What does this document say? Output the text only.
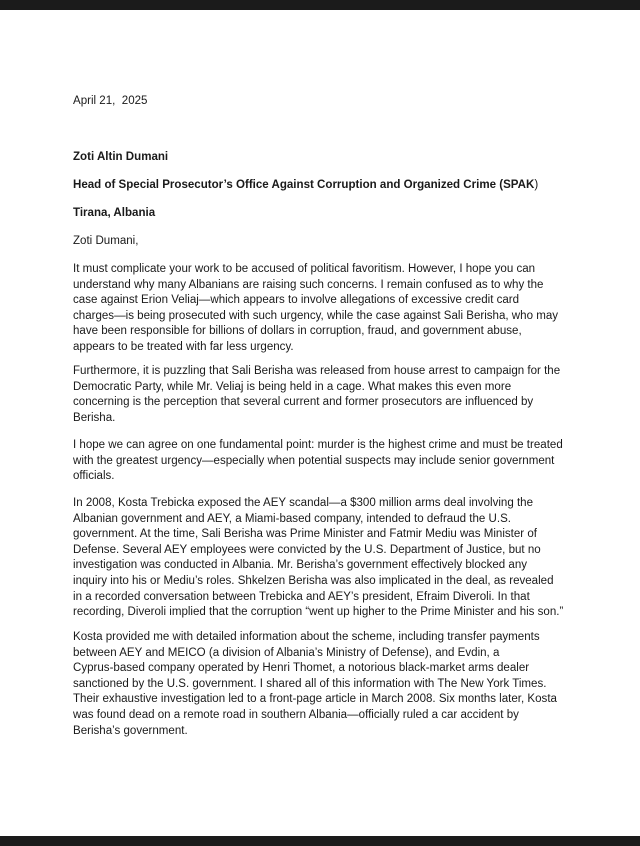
April 21,  2025

Zoti Altin Dumani

Head of Special Prosecutor’s Office Against Corruption and Organized Crime (SPAK)

Tirana, Albania

Zoti Dumani,

It must complicate your work to be accused of political favoritism. However, I hope you can
understand why many Albanians are raising such concerns. I remain confused as to why the
case against Erion Veliaj—which appears to involve allegations of excessive credit card
charges—is being prosecuted with such urgency, while the case against Sali Berisha, who may
have been responsible for billions of dollars in corruption, fraud, and government abuse,
appears to be treated with far less urgency.
Furthermore, it is puzzling that Sali Berisha was released from house arrest to campaign for the
Democratic Party, while Mr. Veliaj is being held in a cage. What makes this even more
concerning is the perception that several current and former prosecutors are influenced by
Berisha.
I hope we can agree on one fundamental point: murder is the highest crime and must be treated
with the greatest urgency—especially when potential suspects may include senior government
officials.
In 2008, Kosta Trebicka exposed the AEY scandal—a $300 million arms deal involving the
Albanian government and AEY, a Miami-based company, intended to defraud the U.S.
government. At the time, Sali Berisha was Prime Minister and Fatmir Mediu was Minister of
Defense. Several AEY employees were convicted by the U.S. Department of Justice, but no
investigation was conducted in Albania. Mr. Berisha’s government effectively blocked any
inquiry into his or Mediu’s roles. Shkelzen Berisha was also implicated in the deal, as revealed
in a recorded conversation between Trebicka and AEY’s president, Efraim Diveroli. In that
recording, Diveroli implied that the corruption “went up higher to the Prime Minister and his son.”
Kosta provided me with detailed information about the scheme, including transfer payments
between AEY and MEICO (a division of Albania’s Ministry of Defense), and Evdin, a
Cyprus-based company operated by Henri Thomet, a notorious black-market arms dealer
sanctioned by the U.S. government. I shared all of this information with The New York Times.
Their exhaustive investigation led to a front-page article in March 2008. Six months later, Kosta
was found dead on a remote road in southern Albania—officially ruled a car accident by
Berisha’s government.
